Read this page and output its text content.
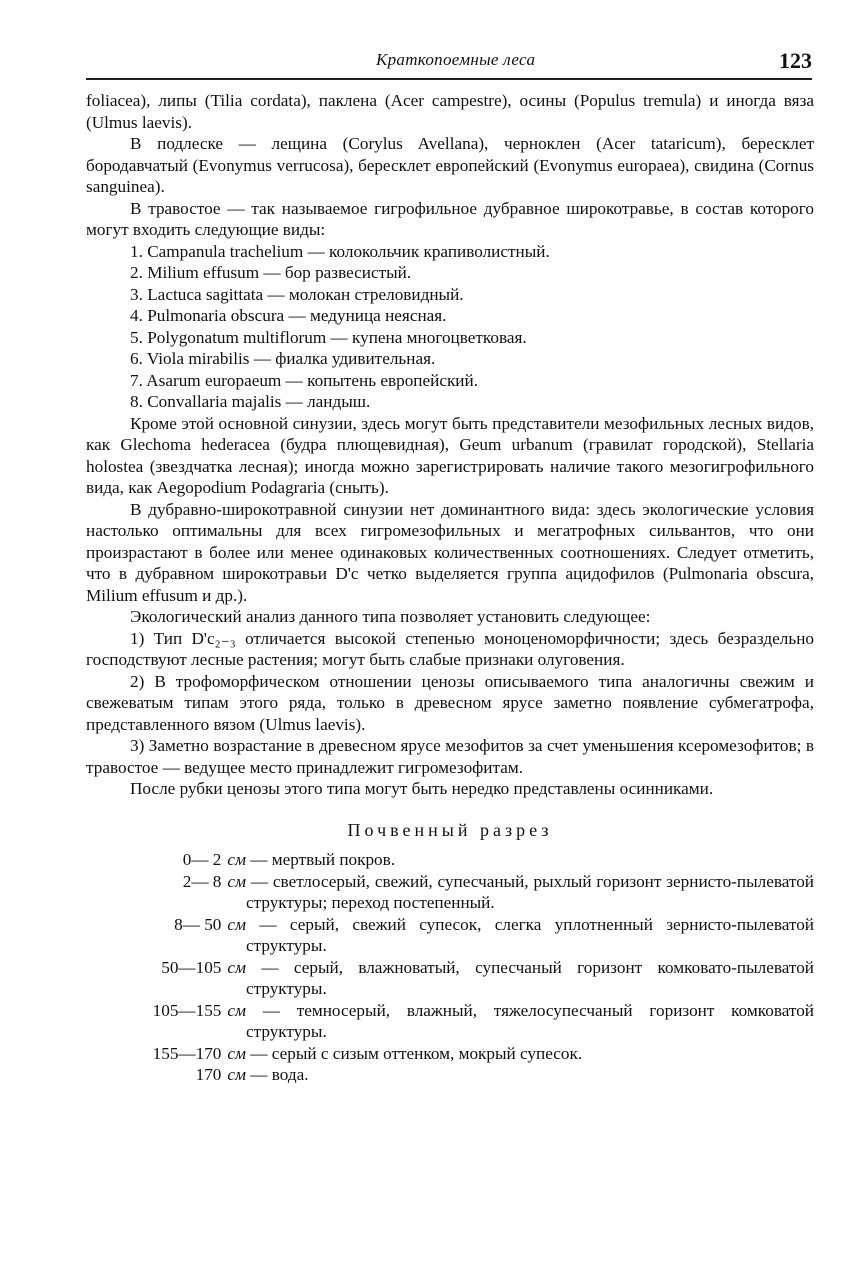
Краткопоемные леса	123

foliacea), липы (Tilia cordata), паклена (Acer campestre), осины (Populus tremula) и иногда вяза (Ulmus laevis).

В подлеске — лещина (Corylus Avellana), чернoклен (Acer tataricum), бересклет бородавчатый (Evonymus verrucosa), бересклет европейский (Evonymus europaea), свидина (Cornus sanguinea).

В травостое — так называемое гигрофильное дубравное широкотравье, в состав которого могут входить следующие виды:

1. Campanula trachelium — колокольчик крапиволистный.
2. Milium effusum — бор развесистый.
3. Lactuca sagittata — молокан стреловидный.
4. Pulmonaria obscura — медуница неясная.
5. Polygonatum multiflorum — купена многоцветковая.
6. Viola mirabilis — фиалка удивительная.
7. Asarum europaeum — копытень европейский.
8. Convallaria majalis — ландыш.

Кроме этой основной синузии, здесь могут быть представители мезофильных лесных видов, как Glechoma hederacea (будра плющевидная), Geum urbanum (гравилат городской), Stellaria holostea (звездчатка лесная); иногда можно зарегистрировать наличие такого мезогигрофильного вида, как Aegopodium Podagraria (сныть).

В дубравно-широкотравной синузии нет доминантного вида: здесь экологические условия настолько оптимальны для всех гигромезофильных и мегатрофных сильвантов, что они произрастают в более или менее одинаковых количественных соотношениях. Следует отметить, что в дубравном широкотравьи D'c четко выделяется группа ацидофилов (Pulmonaria obscura, Milium effusum и др.).

Экологический анализ данного типа позволяет установить следующее:

1) Тип D'c₂₋₃ отличается высокой степенью моноценоморфичности; здесь безраздельно господствуют лесные растения; могут быть слабые признаки олуговения.

2) В трофоморфическом отношении ценозы описываемого типа аналогичны свежим и свежеватым типам этого ряда, только в древесном ярусе заметно появление субмегатрофа, представленного вязом (Ulmus laevis).

3) Заметно возрастание в древесном ярусе мезофитов за счет уменьшения ксеромезофитов; в травостое — ведущее место принадлежит гигромезофитам.

После рубки ценозы этого типа могут быть нередко представлены осинниками.

Почвенный разрез
0— 2 см — мертвый покров.
2— 8 см — светлосерый, свежий, супесчаный, рыхлый горизонт зернисто-пылеватой структуры; переход постепенный.
8— 50 см — серый, свежий супесок, слегка уплотненный зернисто-пылеватой структуры.
50—105 см — серый, влажноватый, супесчаный горизонт комковато-пылеватой структуры.
105—155 см — темносерый, влажный, тяжелосупесчаный горизонт комковатой структуры.
155—170 см — серый с сизым оттенком, мокрый супесок.
170 см — вода.
